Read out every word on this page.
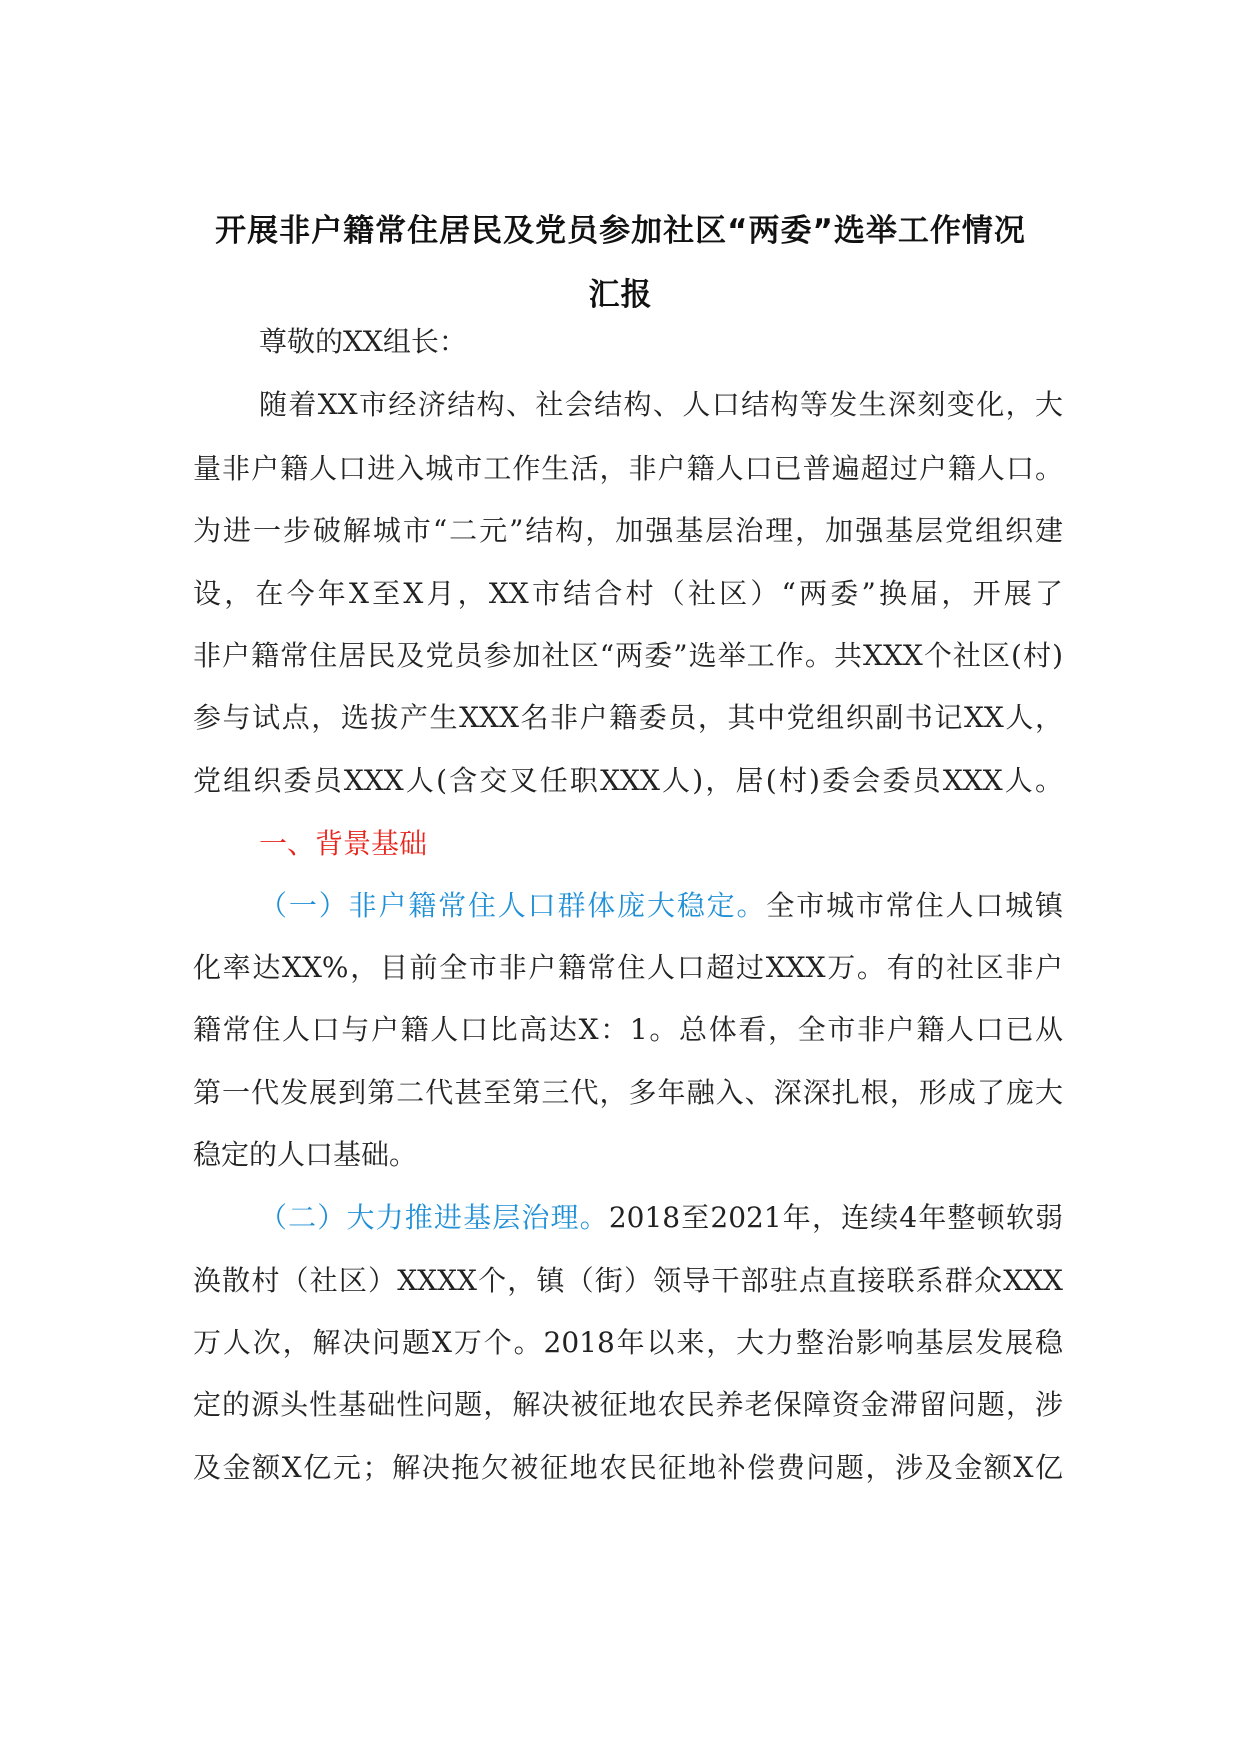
开展非户籍常住居民及党员参加社区“两委”选举工作情况
汇报
尊敬的XX组长：
随着XX市经济结构、社会结构、人口结构等发生深刻变化，大
量非户籍人口进入城市工作生活，非户籍人口已普遍超过户籍人口。
为进一步破解城市“二元”结构，加强基层治理，加强基层党组织建
设，在今年X至X月，XX市结合村（社区）“两委”换届，开展了
非户籍常住居民及党员参加社区“两委”选举工作。共XXX个社区(村)
参与试点，选拔产生XXX名非户籍委员，其中党组织副书记XX人，
党组织委员XXX人(含交叉任职XXX人)，居(村)委会委员XXX人。
一、背景基础
（一）非户籍常住人口群体庞大稳定。全市城市常住人口城镇
化率达XX%，目前全市非户籍常住人口超过XXX万。有的社区非户
籍常住人口与户籍人口比高达X：1。总体看，全市非户籍人口已从
第一代发展到第二代甚至第三代，多年融入、深深扎根，形成了庞大
稳定的人口基础。
（二）大力推进基层治理。2018至2021年，连续4年整顿软弱
涣散村（社区）XXXX个，镇（街）领导干部驻点直接联系群众XXX
万人次，解决问题X万个。2018年以来，大力整治影响基层发展稳
定的源头性基础性问题，解决被征地农民养老保障资金滞留问题，涉
及金额X亿元；解决拖欠被征地农民征地补偿费问题，涉及金额X亿
